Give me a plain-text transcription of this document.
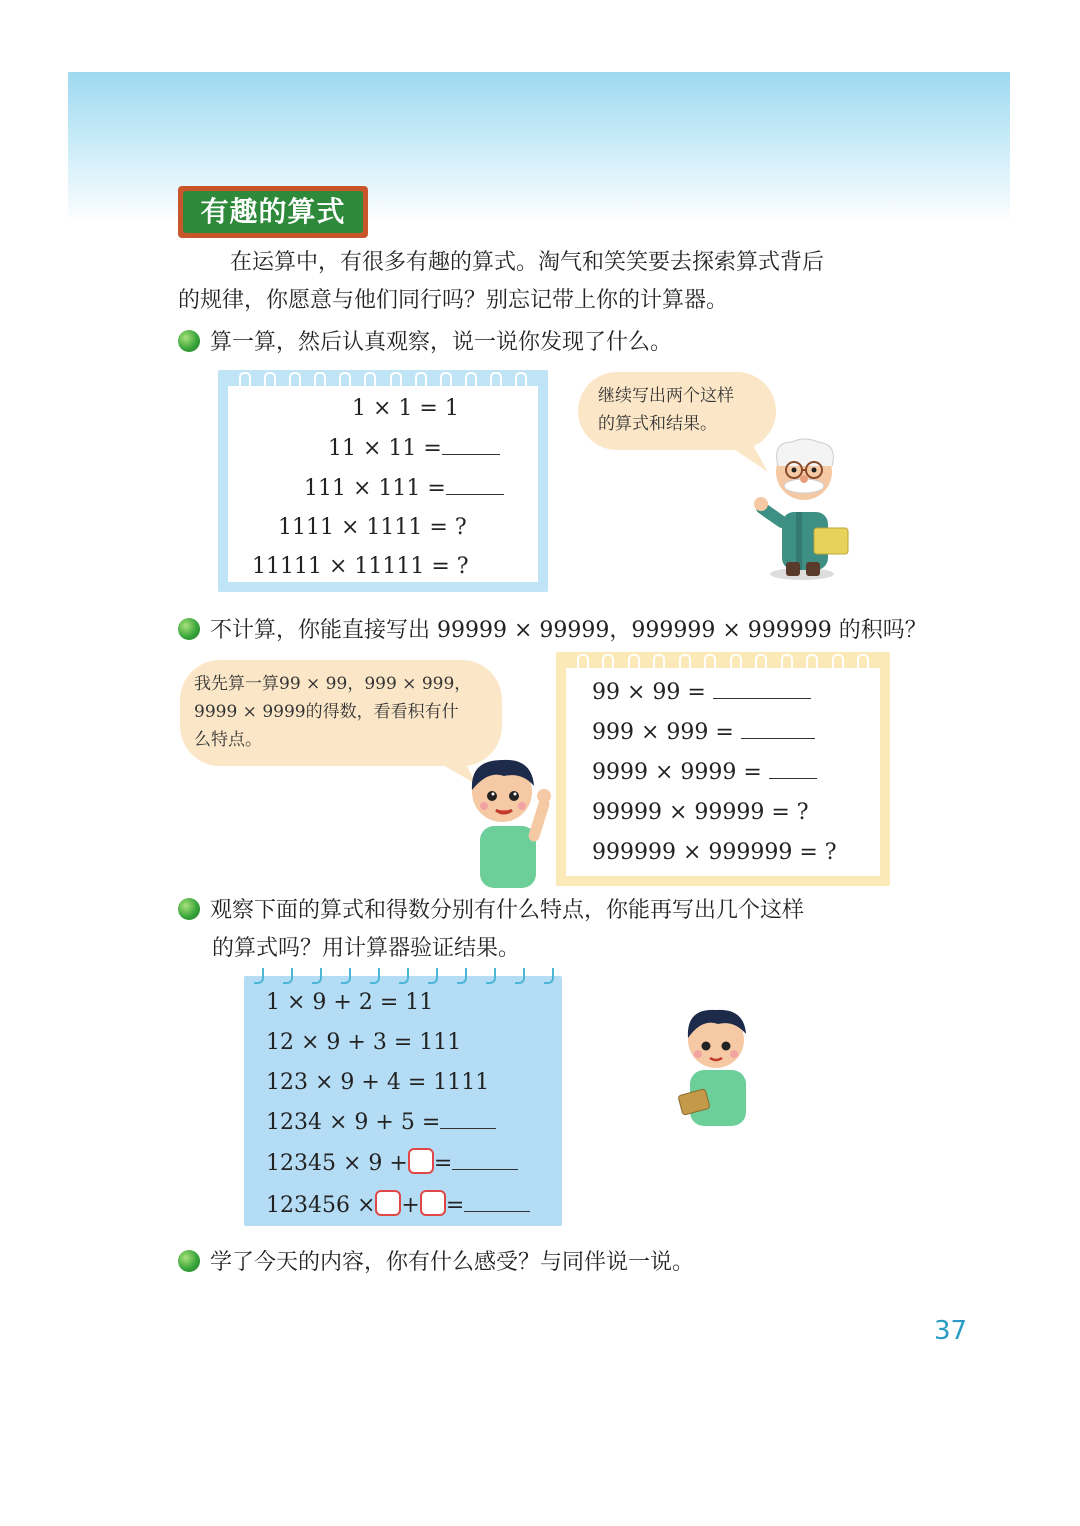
有趣的算式
在运算中，有很多有趣的算式。淘气和笑笑要去探索算式背后
的规律，你愿意与他们同行吗？别忘记带上你的计算器。
算一算，然后认真观察，说一说你发现了什么。
1 × 1 = 1
11 × 11 =
111 × 111 =
1111 × 1111 = ?
11111 × 11111 = ?
继续写出两个这样
的算式和结果。
不计算，你能直接写出 99999 × 99999，999999 × 999999 的积吗？
我先算一算99 × 99，999 × 999，
9999 × 9999的得数，看看积有什
么特点。
99 × 99 =
999 × 999 =
9999 × 9999 =
99999 × 99999 = ?
999999 × 999999 = ?
观察下面的算式和得数分别有什么特点，你能再写出几个这样
的算式吗？用计算器验证结果。
1 × 9 + 2 = 11
12 × 9 + 3 = 111
123 × 9 + 4 = 1111
1234 × 9 + 5 =
12345 × 9 + =
123456 × + =
学了今天的内容，你有什么感受？与同伴说一说。
37
